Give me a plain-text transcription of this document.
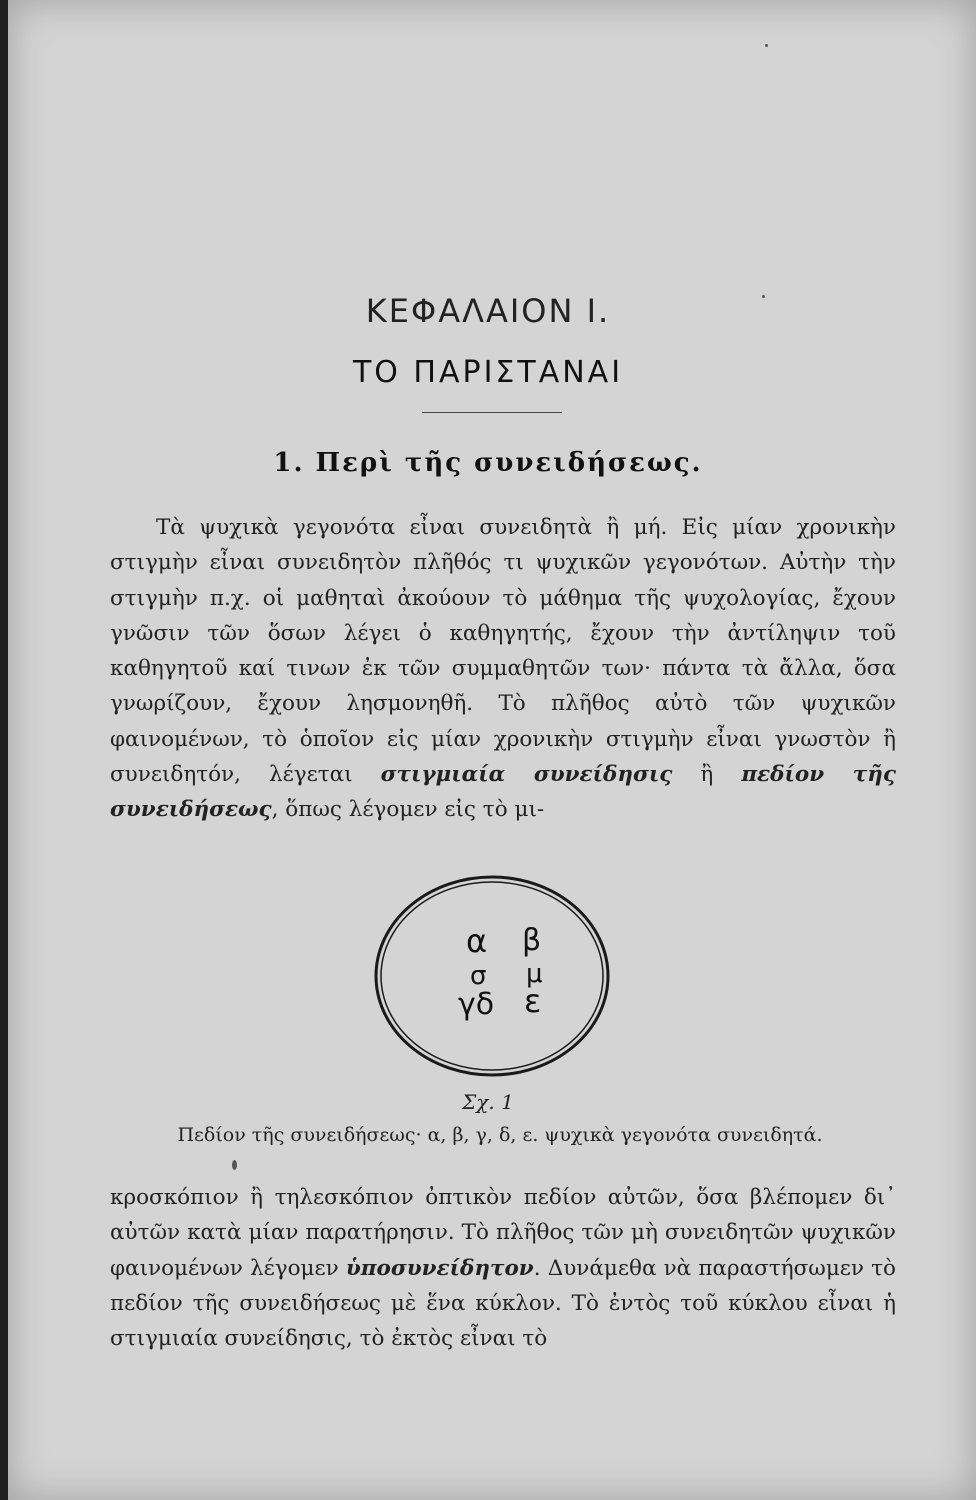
ΚΕΦΑΛΑΙΟΝ Ι.
ΤΟ ΠΑΡΙΣΤΑΝΑΙ
1. Περὶ τῆς συνειδήσεως.

Τὰ ψυχικὰ γεγονότα εἶναι συνειδητὰ ἢ μή. Εἰς μίαν χρονικὴν στιγμὴν εἶναι συνειδητὸν πλῆθός τι ψυχικῶν γεγονότων. Αὐτὴν τὴν στιγμὴν π.χ. οἱ μαθηταὶ ἀκούουν τὸ μάθημα τῆς ψυχολογίας, ἔχουν γνῶσιν τῶν ὅσων λέγει ὁ καθηγητής, ἔχουν τὴν ἀντίληψιν τοῦ καθηγητοῦ καί τινων ἐκ τῶν συμμαθητῶν των· πάντα τὰ ἄλλα, ὅσα γνωρίζουν, ἔχουν λησμονηθῆ. Τὸ πλῆθος αὐτὸ τῶν ψυχικῶν φαινομένων, τὸ ὁποῖον εἰς μίαν χρονικὴν στιγμὴν εἶναι γνωστὸν ἢ συνειδητόν, λέγεται στιγμιαία συνείδησις ἢ πεδίον τῆς συνειδήσεως, ὅπως λέγομεν εἰς τὸ μι-

α β
σ μ
γδ ε
Σχ. 1
Πεδίον τῆς συνειδήσεως· α, β, γ, δ, ε. ψυχικὰ γεγονότα συνειδητά.

κροσκόπιον ἢ τηλεσκόπιον ὀπτικὸν πεδίον αὐτῶν, ὅσα βλέπομεν δι᾽ αὐτῶν κατὰ μίαν παρατήρησιν. Τὸ πλῆθος τῶν μὴ συνειδητῶν ψυχικῶν φαινομένων λέγομεν ὑποσυνείδητον. Δυνάμεθα νὰ παραστήσωμεν τὸ πεδίον τῆς συνειδήσεως μὲ ἕνα κύκλον. Τὸ ἐντὸς τοῦ κύκλου εἶναι ἡ στιγμιαία συνείδησις, τὸ ἐκτὸς εἶναι τὸ
